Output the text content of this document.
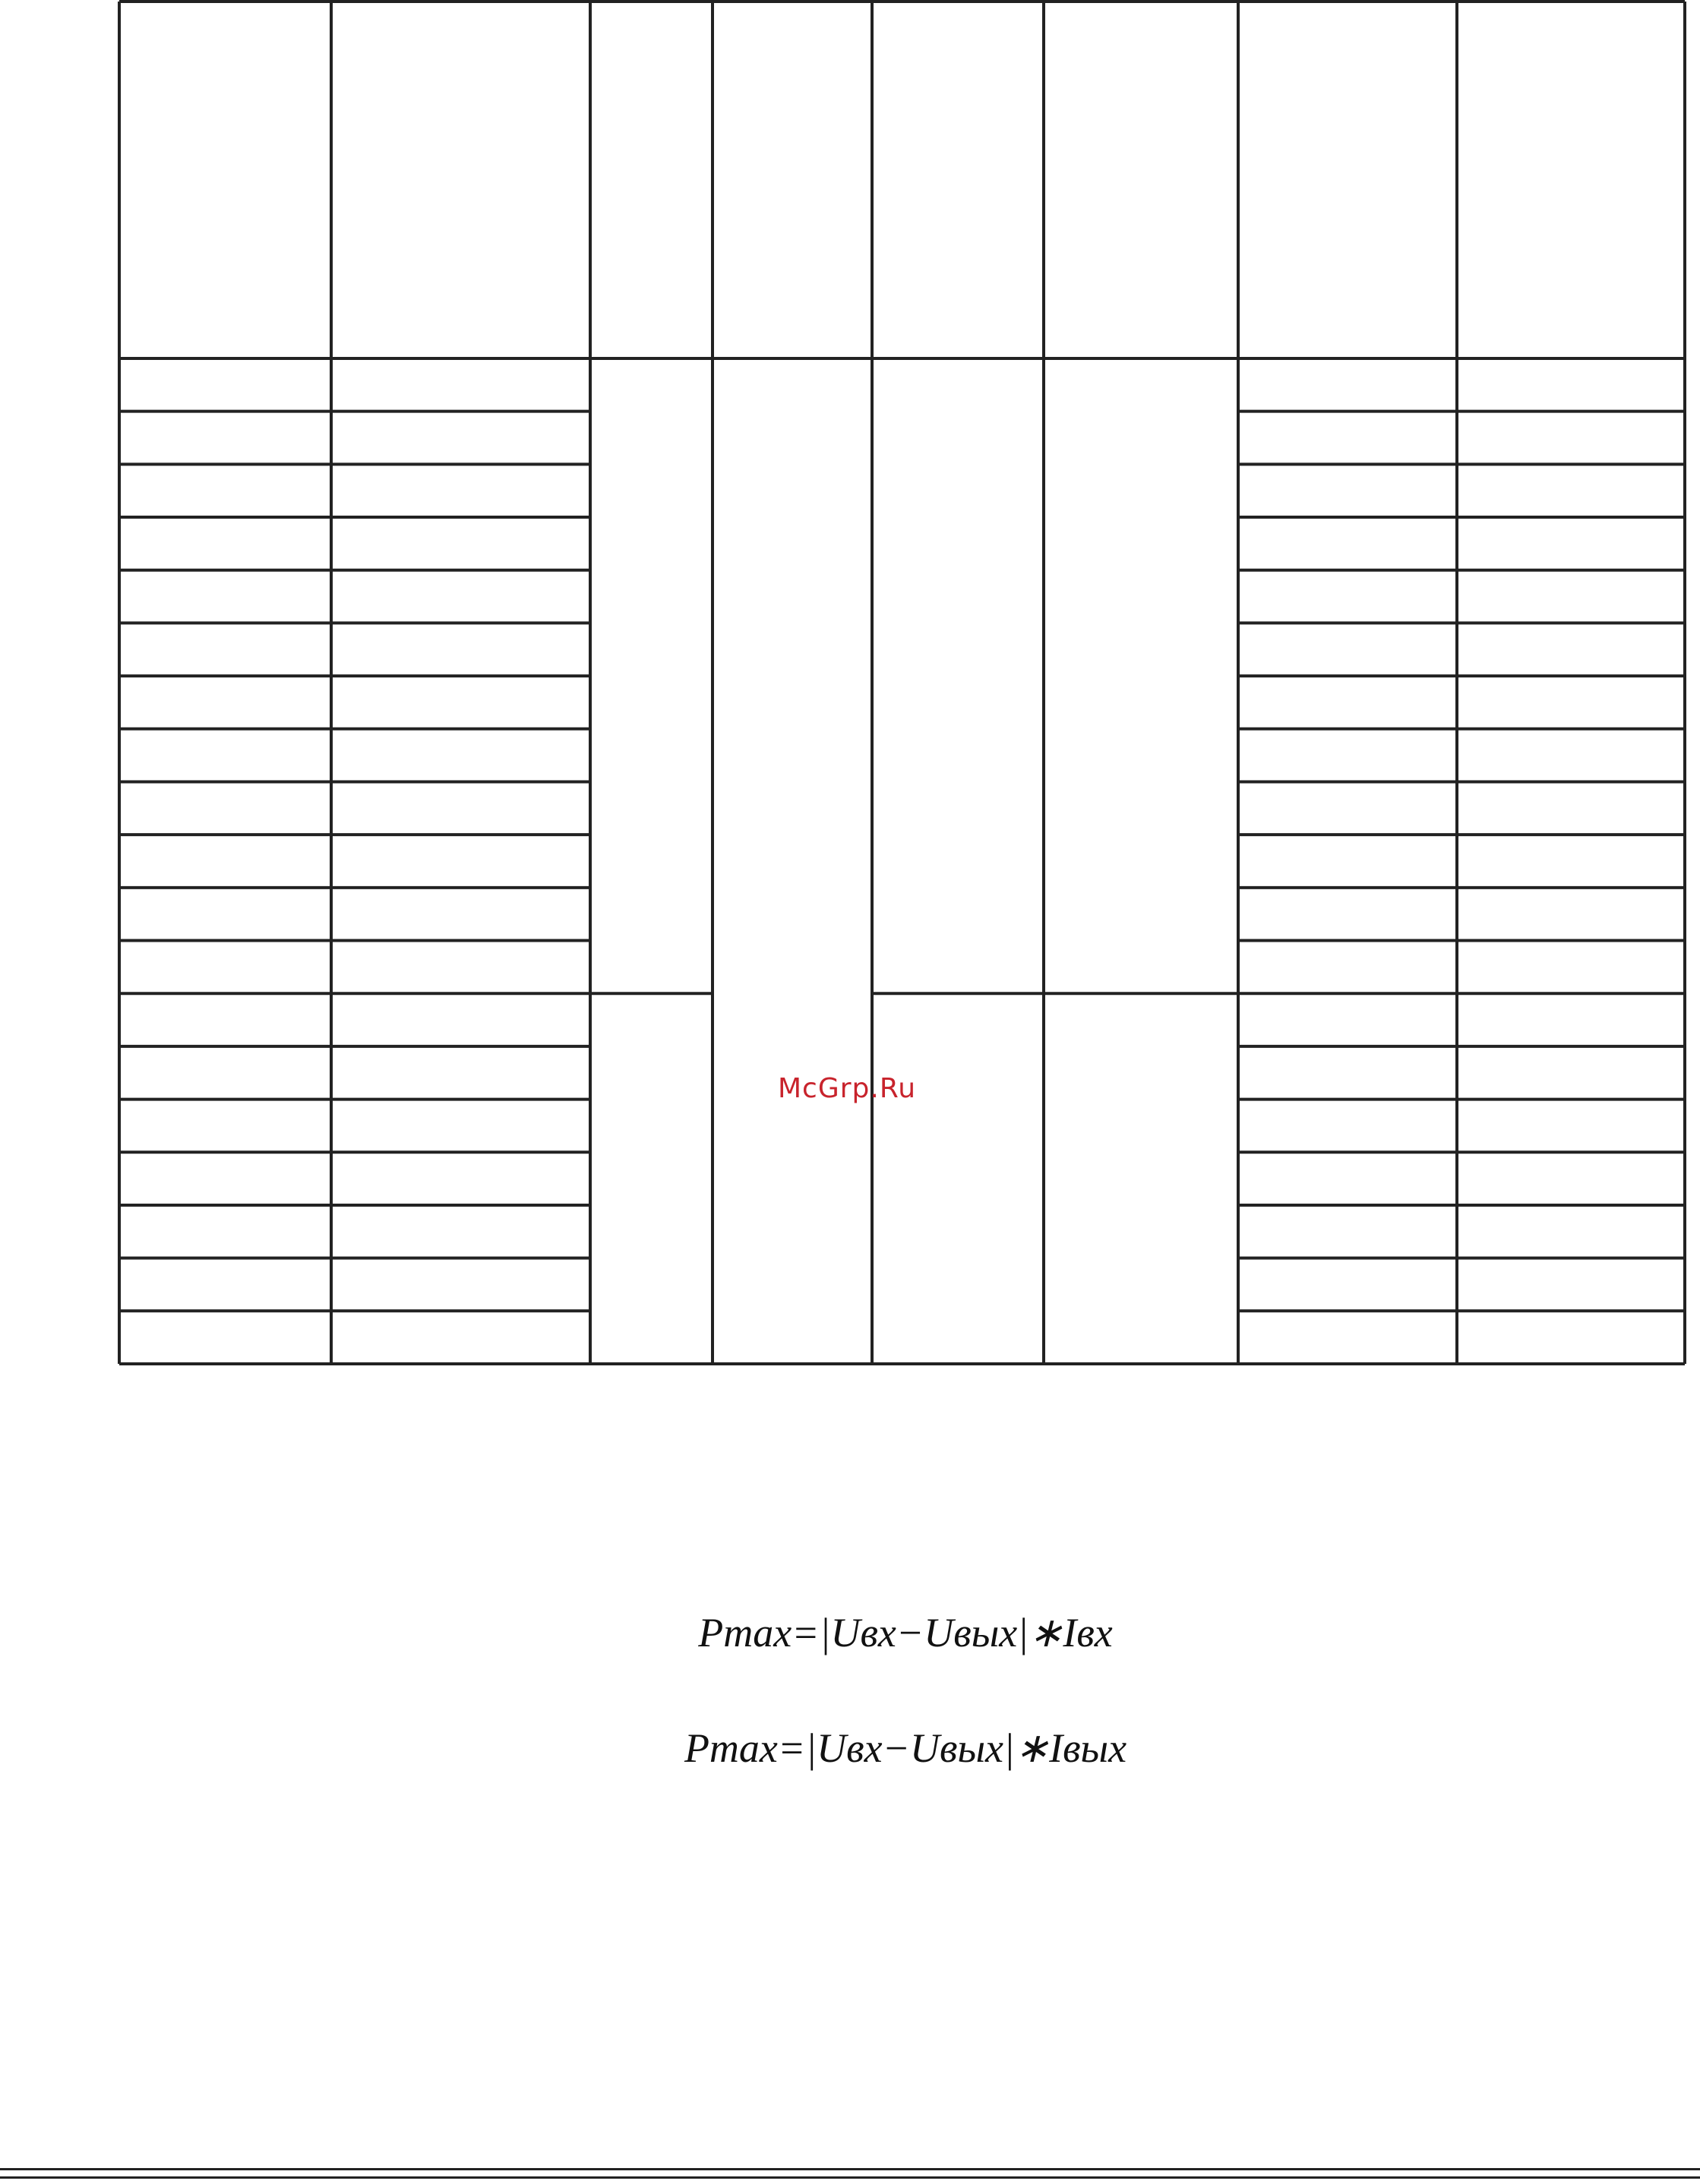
McGrp.Ru
Pmax=|Uвх−Uвых|∗Iвх
Pmax=|Uвх−Uвых|∗Iвых
